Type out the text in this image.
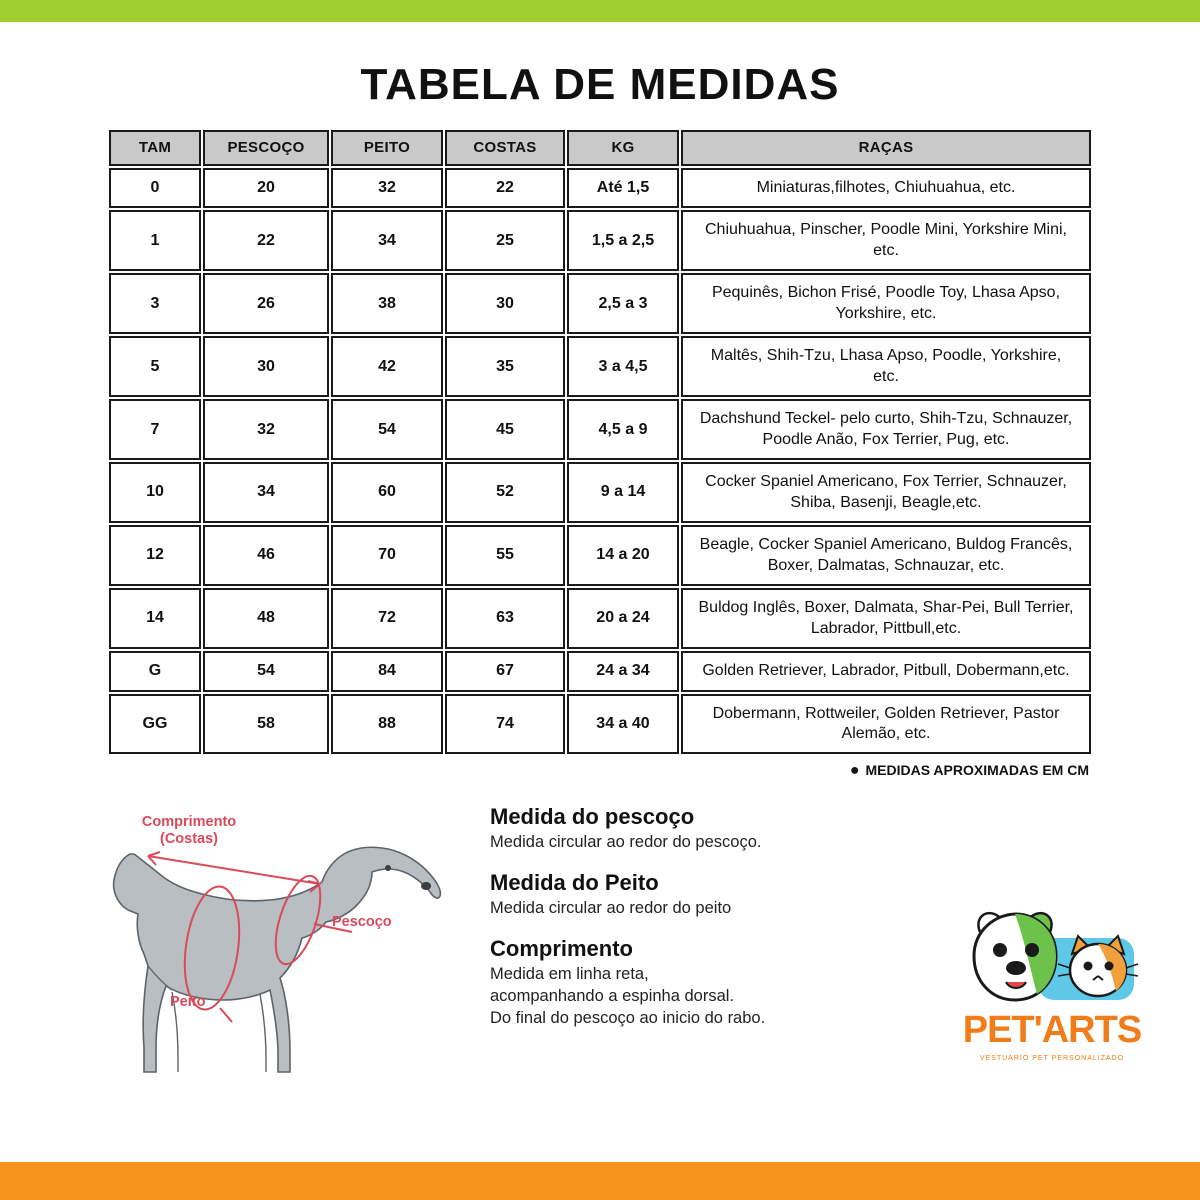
TABELA DE MEDIDAS
TAM	PESCOÇO	PEITO	COSTAS	KG	RAÇAS
0	20	32	22	Até 1,5	Miniaturas,filhotes, Chiuhuahua, etc.
1	22	34	25	1,5 a 2,5	Chiuhuahua, Pinscher, Poodle Mini, Yorkshire Mini, etc.
3	26	38	30	2,5 a 3	Pequinês, Bichon Frisé, Poodle Toy, Lhasa Apso, Yorkshire, etc.
5	30	42	35	3 a 4,5	Maltês, Shih-Tzu, Lhasa Apso, Poodle, Yorkshire, etc.
7	32	54	45	4,5 a 9	Dachshund Teckel- pelo curto, Shih-Tzu, Schnauzer, Poodle Anão, Fox Terrier, Pug, etc.
10	34	60	52	9 a 14	Cocker Spaniel Americano, Fox Terrier, Schnauzer, Shiba, Basenji, Beagle,etc.
12	46	70	55	14 a 20	Beagle, Cocker Spaniel Americano, Buldog Francês, Boxer, Dalmatas, Schnauzar, etc.
14	48	72	63	20 a 24	Buldog Inglês, Boxer, Dalmata, Shar-Pei, Bull Terrier, Labrador, Pittbull,etc.
G	54	84	67	24 a 34	Golden Retriever, Labrador, Pitbull, Dobermann,etc.
GG	58	88	74	34 a 40	Dobermann, Rottweiler, Golden Retriever, Pastor Alemão, etc.
● MEDIDAS APROXIMADAS EM CM
Comprimento
(Costas)
Pescoço
Peito
Medida do pescoço
Medida circular ao redor do pescoço.
Medida do Peito
Medida circular ao redor do peito
Comprimento
Medida em linha reta,
acompanhando a espinha dorsal.
Do final do pescoço ao inicio do rabo.	PET'ARTS
VESTUÁRIO PET PERSONALIZADO
